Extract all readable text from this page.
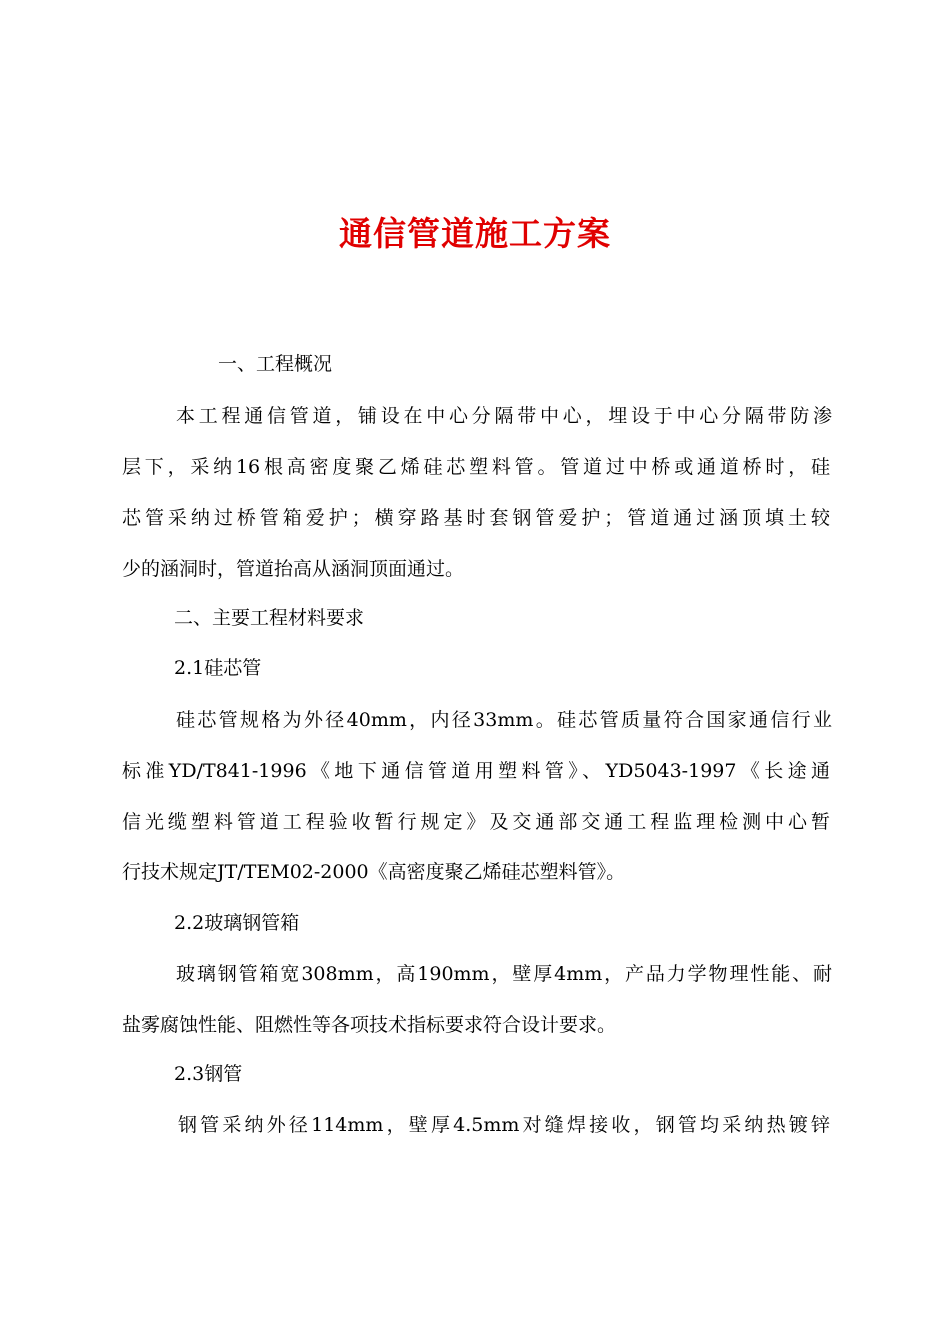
通信管道施工方案
一、工程概况
本工程通信管道，铺设在中心分隔带中心，埋设于中心分隔带防渗
层下，采纳16根高密度聚乙烯硅芯塑料管。管道过中桥或通道桥时，硅
芯管采纳过桥管箱爱护；横穿路基时套钢管爱护；管道通过涵顶填土较
少的涵洞时，管道抬高从涵洞顶面通过。
二、主要工程材料要求
2.1硅芯管
硅芯管规格为外径40mm，内径33mm。硅芯管质量符合国家通信行业
标准YD/T841-1996《地下通信管道用塑料管》、YD5043-1997《长途通
信光缆塑料管道工程验收暂行规定》及交通部交通工程监理检测中心暂
行技术规定JT/TEM02-2000《高密度聚乙烯硅芯塑料管》。
2.2玻璃钢管箱
玻璃钢管箱宽308mm，高190mm，壁厚4mm，产品力学物理性能、耐
盐雾腐蚀性能、阻燃性等各项技术指标要求符合设计要求。
2.3钢管
钢管采纳外径114mm，壁厚4.5mm对缝焊接收，钢管均采纳热镀锌
